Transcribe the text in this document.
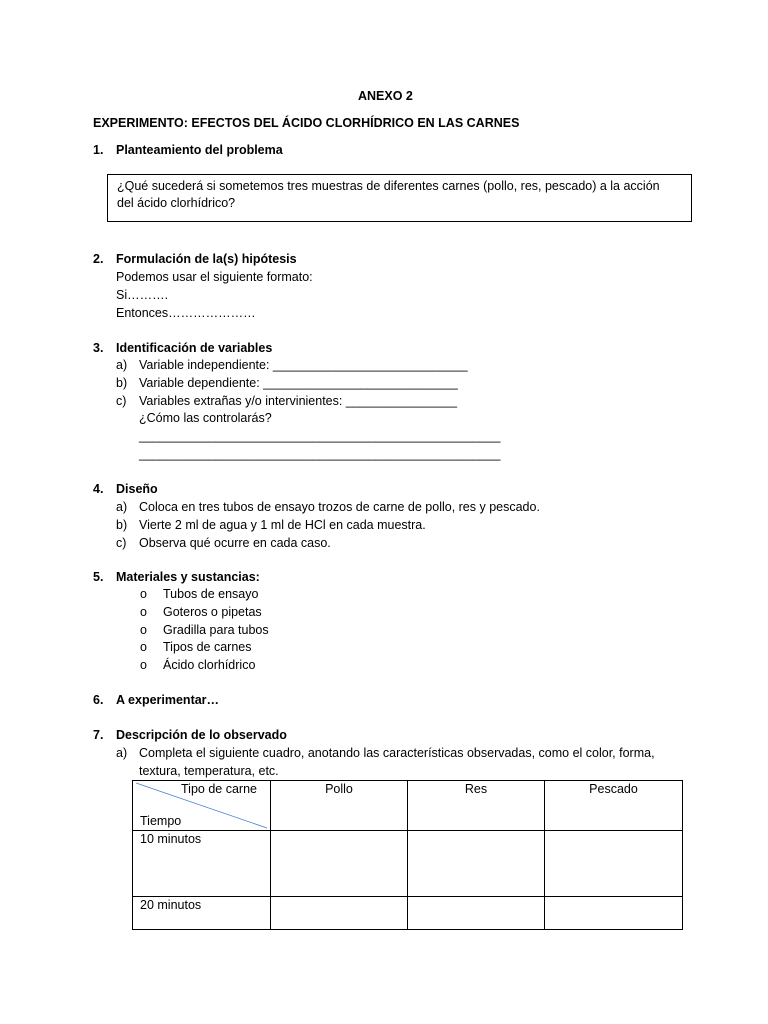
ANEXO 2
EXPERIMENTO: EFECTOS DEL ÁCIDO CLORHÍDRICO EN LAS CARNES
1. Planteamiento del problema
¿Qué sucederá si sometemos tres muestras de diferentes carnes (pollo, res, pescado) a la acción
del ácido clorhídrico?
2. Formulación de la(s) hipótesis
Podemos usar el siguiente formato:
Si……….
Entonces…………………
3. Identificación de variables
a) Variable independiente: ____________________________
b) Variable dependiente: ____________________________
c) Variables extrañas y/o intervinientes: ________________
¿Cómo las controlarás?
____________________________________________________
____________________________________________________
4. Diseño
a) Coloca en tres tubos de ensayo trozos de carne de pollo, res y pescado.
b) Vierte 2 ml de agua y 1 ml de HCl en cada muestra.
c) Observa qué ocurre en cada caso.
5. Materiales y sustancias:
o Tubos de ensayo
o Goteros o pipetas
o Gradilla para tubos
o Tipos de carnes
o Ácido clorhídrico
6. A experimentar…
7. Descripción de lo observado
a) Completa el siguiente cuadro, anotando las características observadas, como el color, forma,
textura, temperatura, etc.
Tipo de carne
Tiempo	Pollo	Res	Pescado
10 minutos			
20 minutos			
